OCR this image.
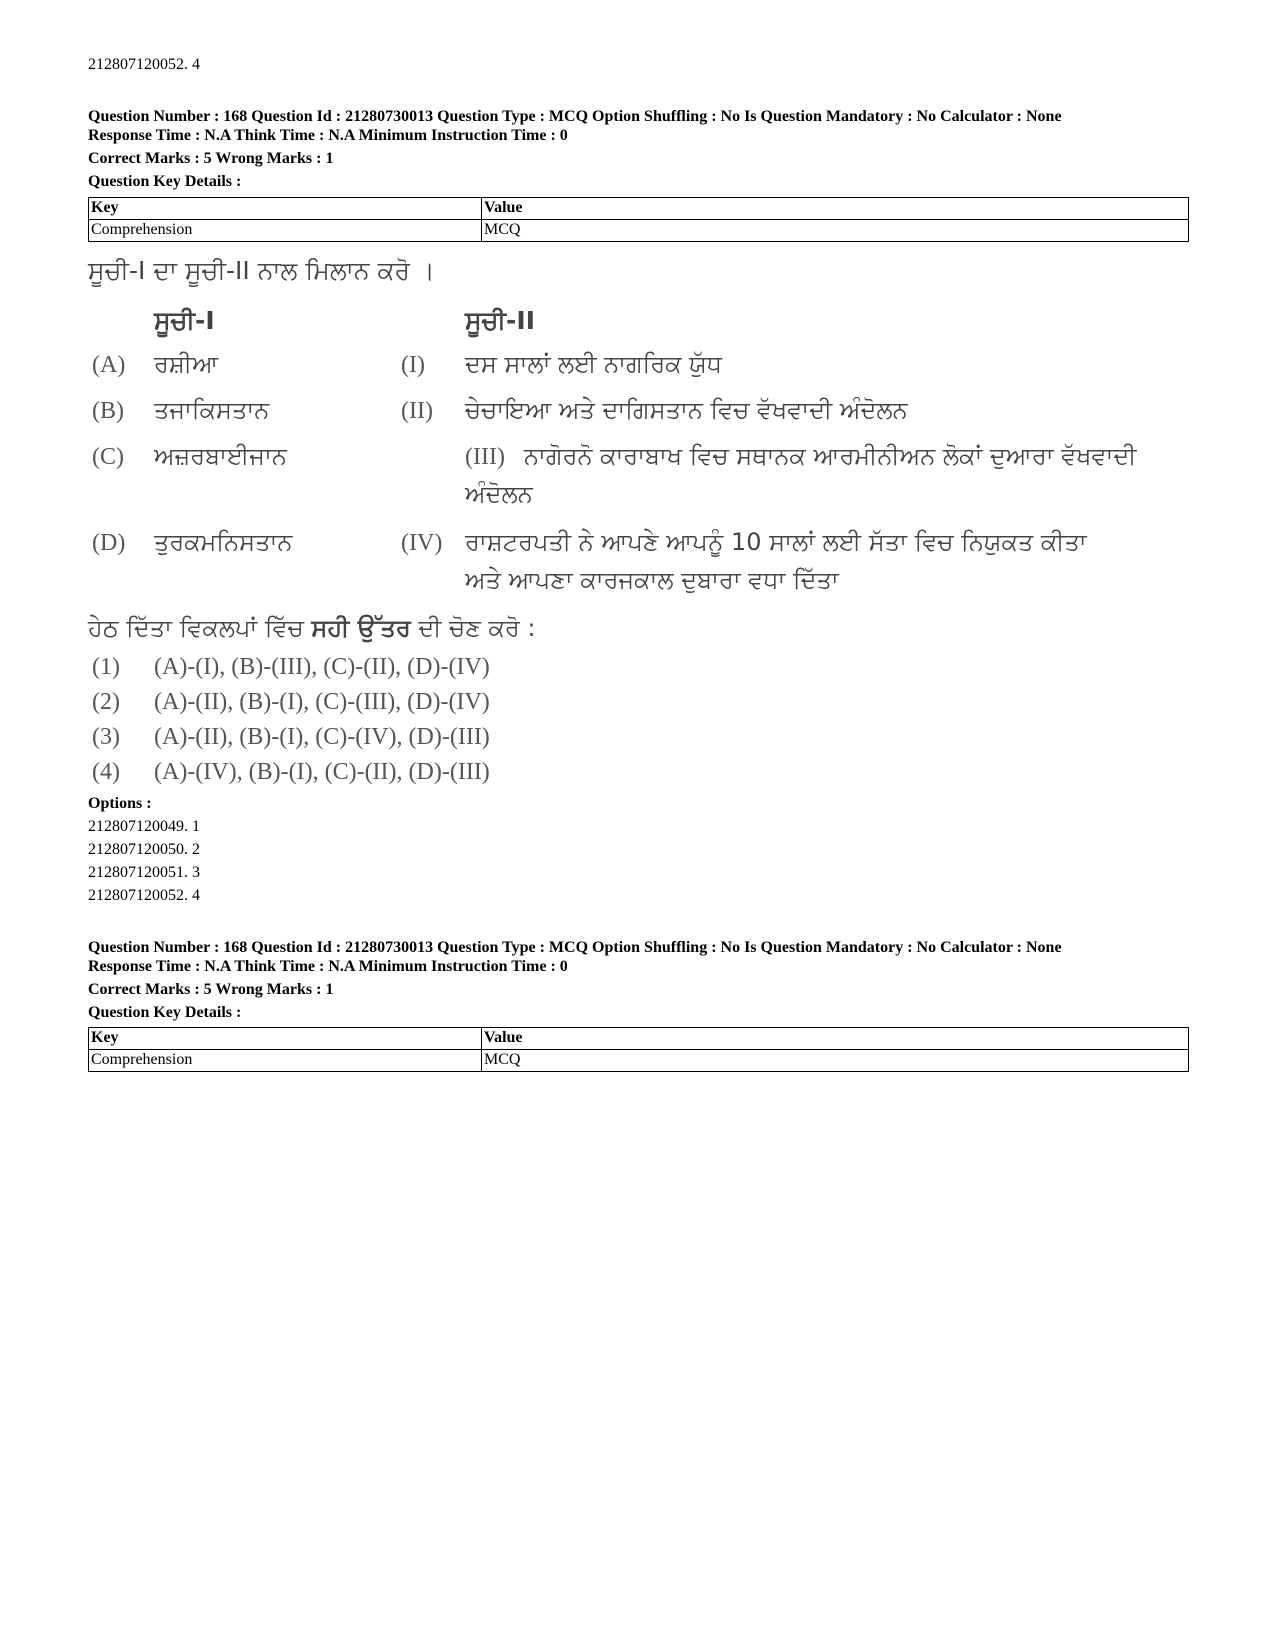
212807120052. 4
Question Number : 168 Question Id : 21280730013 Question Type : MCQ Option Shuffling : No Is Question Mandatory : No Calculator : None
Response Time : N.A Think Time : N.A Minimum Instruction Time : 0
Correct Marks : 5 Wrong Marks : 1
Question Key Details :
Key	Value
Comprehension	MCQ
Options :
212807120049. 1
212807120050. 2
212807120051. 3
212807120052. 4
Question Number : 168 Question Id : 21280730013 Question Type : MCQ Option Shuffling : No Is Question Mandatory : No Calculator : None
Response Time : N.A Think Time : N.A Minimum Instruction Time : 0
Correct Marks : 5 Wrong Marks : 1
Question Key Details :
Key	Value
Comprehension	MCQ
ਸੂਚੀ-I ਦਾ ਸੂਚੀ-II ਨਾਲ ਮਿਲਾਨ ਕਰੋ ।
ਸੂਚੀ-I	ਸੂਚੀ-II
(A) ਰਸ਼ੀਆ	(I) ਦਸ ਸਾਲਾਂ ਲਈ ਨਾਗਰਿਕ ਯੁੱਧ
(B) ਤਜਾਕਿਸਤਾਨ	(II) ਚੇਚਾਇਆ ਅਤੇ ਦਾਗਿਸਤਾਨ ਵਿਚ ਵੱਖਵਾਦੀ ਅੰਦੋਲਨ
(C) ਅਜ਼ਰਬਾਈਜਾਨ	(III) ਨਾਗੋਰਨੋ ਕਾਰਾਬਾਖ ਵਿਚ ਸਥਾਨਕ ਆਰਮੀਨੀਅਨ ਲੋਕਾਂ ਦੁਆਰਾ ਵੱਖਵਾਦੀ
ਅੰਦੋਲਨ
(D) ਤੁਰਕਮਨਿਸਤਾਨ	(IV) ਰਾਸ਼ਟਰਪਤੀ ਨੇ ਆਪਣੇ ਆਪਨੂੰ 10 ਸਾਲਾਂ ਲਈ ਸੱਤਾ ਵਿਚ ਨਿਯੁਕਤ ਕੀਤਾ
ਅਤੇ ਆਪਣਾ ਕਾਰਜਕਾਲ ਦੁਬਾਰਾ ਵਧਾ ਦਿੱਤਾ
ਹੇਠ ਦਿੱਤਾ ਵਿਕਲਪਾਂ ਵਿੱਚ ਸਹੀ ਉੱਤਰ ਦੀ ਚੋਣ ਕਰੋ :
(1) (A)-(I), (B)-(III), (C)-(II), (D)-(IV)
(2) (A)-(II), (B)-(I), (C)-(III), (D)-(IV)
(3) (A)-(II), (B)-(I), (C)-(IV), (D)-(III)
(4) (A)-(IV), (B)-(I), (C)-(II), (D)-(III)
